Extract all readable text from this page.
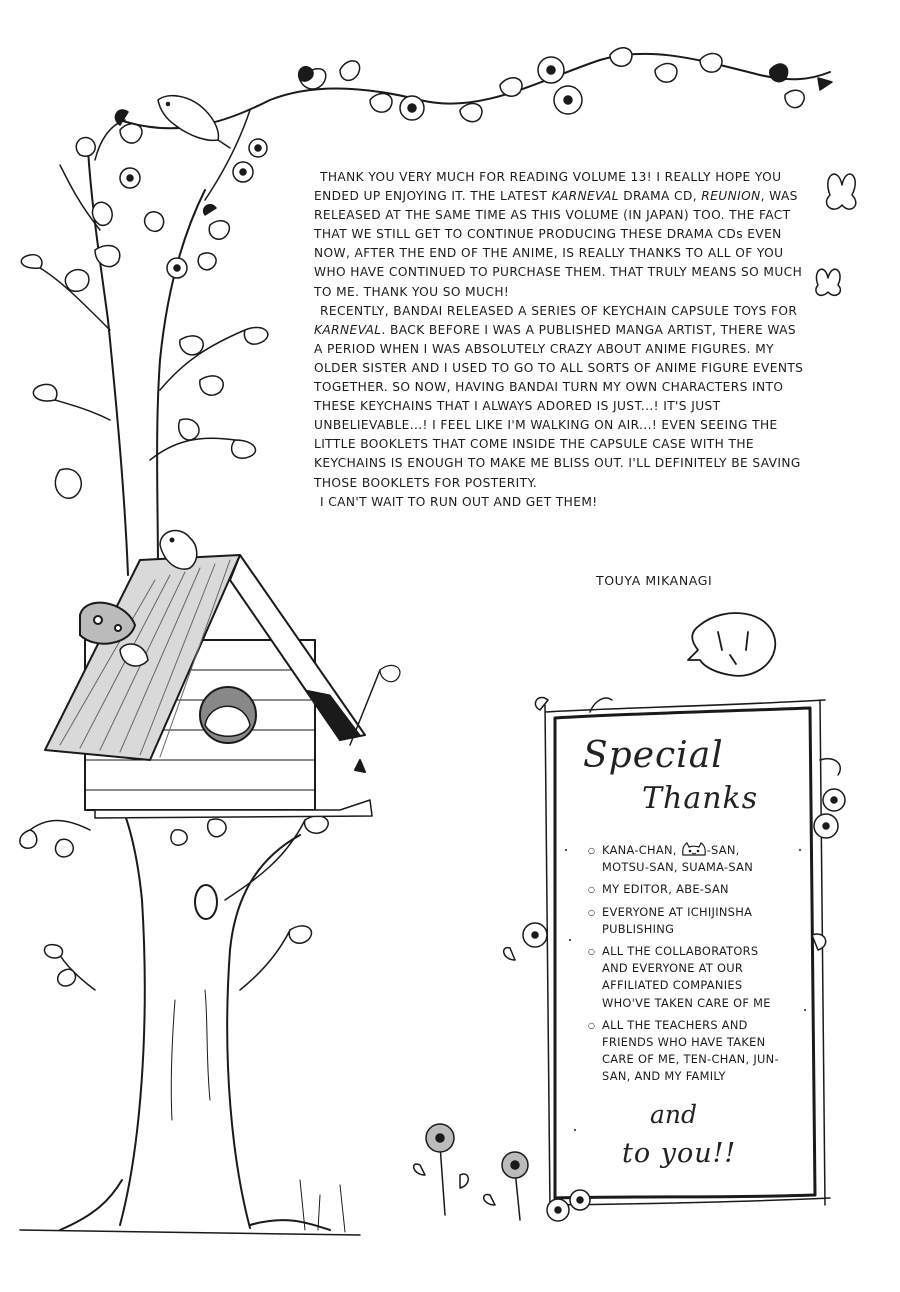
THANK YOU VERY MUCH FOR READING VOLUME 13! I REALLY HOPE YOU ENDED UP ENJOYING IT. THE LATEST KARNEVAL DRAMA CD, REUNION, WAS RELEASED AT THE SAME TIME AS THIS VOLUME (IN JAPAN) TOO. THE FACT THAT WE STILL GET TO CONTINUE PRODUCING THESE DRAMA CDs EVEN NOW, AFTER THE END OF THE ANIME, IS REALLY THANKS TO ALL OF YOU WHO HAVE CONTINUED TO PURCHASE THEM. THAT TRULY MEANS SO MUCH TO ME. THANK YOU SO MUCH!

RECENTLY, BANDAI RELEASED A SERIES OF KEYCHAIN CAPSULE TOYS FOR KARNEVAL. BACK BEFORE I WAS A PUBLISHED MANGA ARTIST, THERE WAS A PERIOD WHEN I WAS ABSOLUTELY CRAZY ABOUT ANIME FIGURES. MY OLDER SISTER AND I USED TO GO TO ALL SORTS OF ANIME FIGURE EVENTS TOGETHER. SO NOW, HAVING BANDAI TURN MY OWN CHARACTERS INTO THESE KEYCHAINS THAT I ALWAYS ADORED IS JUST...! IT'S JUST UNBELIEVABLE...! I FEEL LIKE I'M WALKING ON AIR...! EVEN SEEING THE LITTLE BOOKLETS THAT COME INSIDE THE CAPSULE CASE WITH THE KEYCHAINS IS ENOUGH TO MAKE ME BLISS OUT. I'LL DEFINITELY BE SAVING THOSE BOOKLETS FOR POSTERITY.

I CAN'T WAIT TO RUN OUT AND GET THEM!

TOUYA MIKANAGI
Special
Thanks
○ KANA-CHAN, -SAN, MOTSU-SAN, SUAMA-SAN
○ MY EDITOR, ABE-SAN
○ EVERYONE AT ICHIJINSHA PUBLISHING
○ ALL THE COLLABORATORS AND EVERYONE AT OUR AFFILIATED COMPANIES WHO'VE TAKEN CARE OF ME
○ ALL THE TEACHERS AND FRIENDS WHO HAVE TAKEN CARE OF ME, TEN-CHAN, JUN-SAN, AND MY FAMILY
and
to you!!
